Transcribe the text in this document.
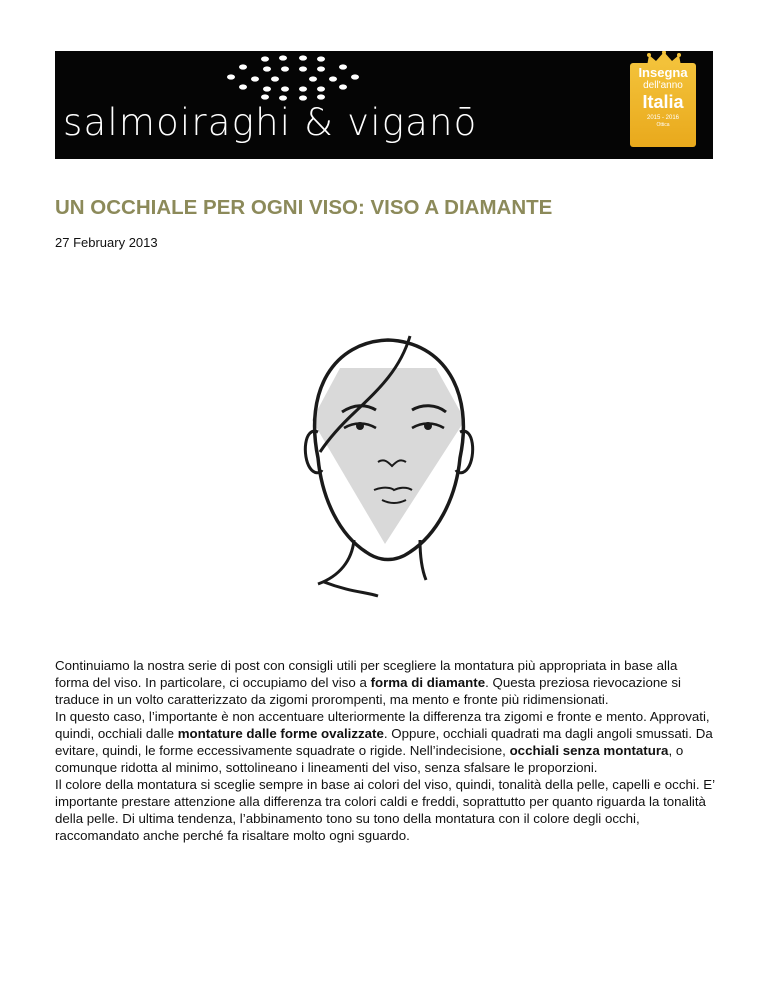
salmoiraghi & viganō
Insegna
dell'anno
Italia
2015 - 2016
Ottica
UN OCCHIALE PER OGNI VISO: VISO A DIAMANTE
27 February 2013

Continuiamo la nostra serie di post con consigli utili per scegliere la montatura più appropriata in base alla forma del viso. In particolare, ci occupiamo del viso a forma di diamante. Questa preziosa rievocazione si traduce in un volto caratterizzato da zigomi prorompenti, ma mento e fronte più ridimensionati.

In questo caso, l’importante è non accentuare ulteriormente la differenza tra zigomi e fronte e mento. Approvati, quindi, occhiali dalle montature dalle forme ovalizzate. Oppure, occhiali quadrati ma dagli angoli smussati. Da evitare, quindi, le forme eccessivamente squadrate o rigide. Nell’indecisione, occhiali senza montatura, o comunque ridotta al minimo, sottolineano i lineamenti del viso, senza sfalsare le proporzioni.

Il colore della montatura si sceglie sempre in base ai colori del viso, quindi, tonalità della pelle, capelli e occhi. E’ importante prestare attenzione alla differenza tra colori caldi e freddi, soprattutto per quanto riguarda la tonalità della pelle. Di ultima tendenza, l’abbinamento tono su tono della montatura con il colore degli occhi, raccomandato anche perché fa risaltare molto ogni sguardo.
